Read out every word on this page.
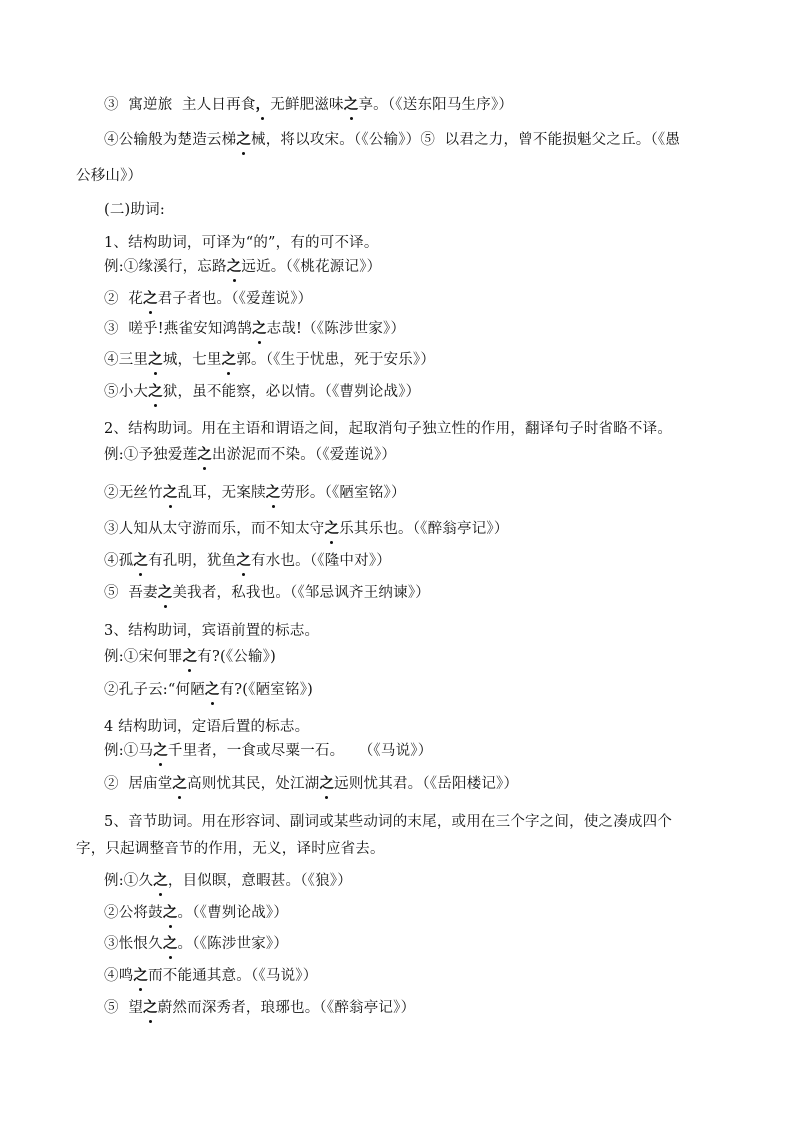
③  寓逆旅  主人日再食，无鲜肥滋味之享。（《送东阳马生序》）
④公输般为楚造云梯之械，将以攻宋。（《公输》）⑤  以君之力，曾不能损魁父之丘。（《愚
公移山》）
(二)助词:
1、结构助词，可译为“的”，有的可不译。
例:①缘溪行，忘路之远近。（《桃花源记》）
②  花之君子者也。（《爱莲说》）
③  嗟乎!燕雀安知鸿鹄之志哉!（《陈涉世家》）
④三里之城，七里之郭。（《生于忧患，死于安乐》）
⑤小大之狱，虽不能察，必以情。（《曹刿论战》）
2、结构助词。用在主语和谓语之间，起取消句子独立性的作用，翻译句子时省略不译。
例:①予独爱莲之出淤泥而不染。（《爱莲说》）
②无丝竹之乱耳，无案牍之劳形。（《陋室铭》）
③人知从太守游而乐，而不知太守之乐其乐也。（《醉翁亭记》）
④孤之有孔明，犹鱼之有水也。（《隆中对》）
⑤  吾妻之美我者，私我也。（《邹忌讽齐王纳谏》）
3、结构助词，宾语前置的标志。
例:①宋何罪之有?(《公输》)
②孔子云:“何陋之有?(《陋室铭》)
4 结构助词，定语后置的标志。
例:①马之千里者，一食或尽粟一石。   （《马说》）
②  居庙堂之高则忧其民，处江湖之远则忧其君。（《岳阳楼记》）
5、音节助词。用在形容词、副词或某些动词的末尾，或用在三个字之间，使之凑成四个
字，只起调整音节的作用，无义，译时应省去。
例:①久之，目似瞑，意暇甚。（《狼》）
②公将鼓之。（《曹刿论战》）
③怅恨久之。（《陈涉世家》）
④鸣之而不能通其意。（《马说》）
⑤  望之蔚然而深秀者，琅琊也。（《醉翁亭记》）
